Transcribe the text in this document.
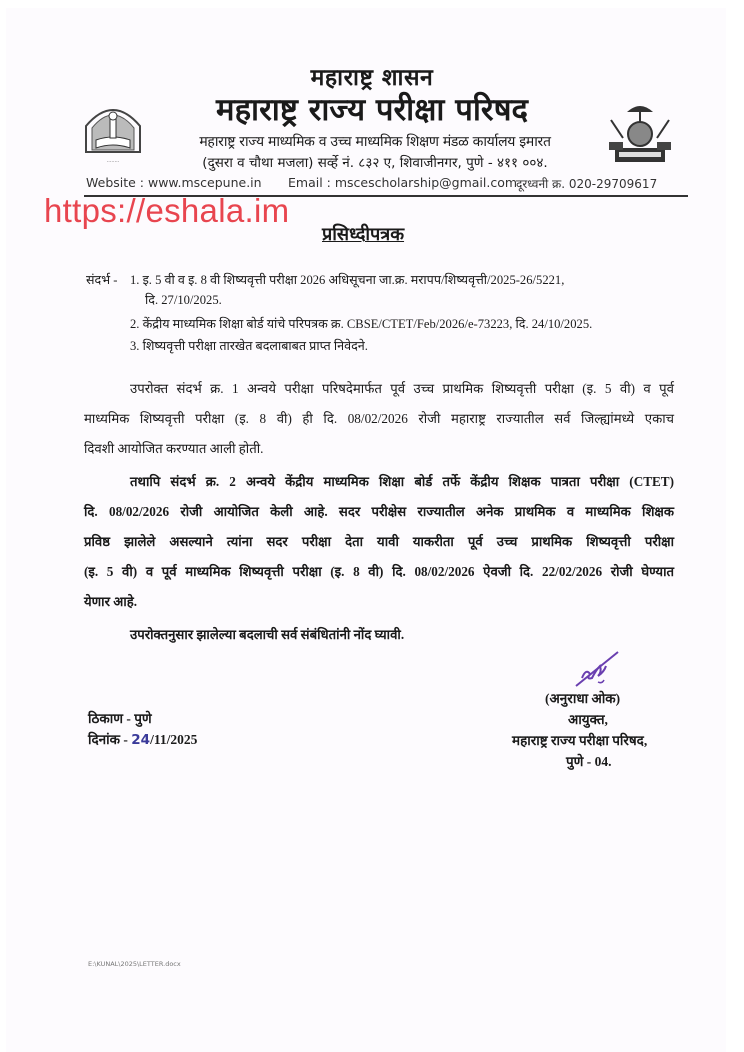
महाराष्ट्र शासन
महाराष्ट्र राज्य परीक्षा परिषद
महाराष्ट्र राज्य माध्यमिक व उच्च माध्यमिक शिक्षण मंडळ कार्यालय इमारत
(दुसरा व चौथा मजला) सर्व्हे नं. ८३२ ए, शिवाजीनगर, पुणे - ४११ ००४.
Website : www.mscepune.in Email : mscescholarship@gmail.com
दूरध्वनी क्र. 020-29709617
........
https://eshala.im
प्रसिध्दीपत्रक
संदर्भ - 1. इ. 5 वी व इ. 8 वी शिष्यवृत्ती परीक्षा 2026 अधिसूचना जा.क्र. मरापप/शिष्यवृत्ती/2025-26/5221,
दि. 27/10/2025.
2. केंद्रीय माध्यमिक शिक्षा बोर्ड यांचे परिपत्रक क्र. CBSE/CTET/Feb/2026/e-73223, दि. 24/10/2025.
3. शिष्यवृत्ती परीक्षा तारखेत बदलाबाबत प्राप्त निवेदने.
उपरोक्त संदर्भ क्र. 1 अन्वये परीक्षा परिषदेमार्फत पूर्व उच्च प्राथमिक शिष्यवृत्ती परीक्षा (इ. 5 वी) व पूर्व
माध्यमिक शिष्यवृत्ती परीक्षा (इ. 8 वी) ही दि. 08/02/2026 रोजी महाराष्ट्र राज्यातील सर्व जिल्ह्यांमध्ये एकाच
दिवशी आयोजित करण्यात आली होती.
तथापि संदर्भ क्र. 2 अन्वये केंद्रीय माध्यमिक शिक्षा बोर्ड तर्फे केंद्रीय शिक्षक पात्रता परीक्षा (CTET)
दि. 08/02/2026 रोजी आयोजित केली आहे. सदर परीक्षेस राज्यातील अनेक प्राथमिक व माध्यमिक शिक्षक
प्रविष्ठ झालेले असल्याने त्यांना सदर परीक्षा देता यावी याकरीता पूर्व उच्च प्राथमिक शिष्यवृत्ती परीक्षा
(इ. 5 वी) व पूर्व माध्यमिक शिष्यवृत्ती परीक्षा (इ. 8 वी) दि. 08/02/2026 ऐवजी दि. 22/02/2026 रोजी घेण्यात
येणार आहे.
उपरोक्तनुसार झालेल्या बदलाची सर्व संबंधितांनी नोंद घ्यावी.
(अनुराधा ओक)
आयुक्त,
महाराष्ट्र राज्य परीक्षा परिषद,
पुणे - 04.
ठिकाण - पुणे
दिनांक - 24/11/2025
E:\KUNAL\2025\LETTER.docx
